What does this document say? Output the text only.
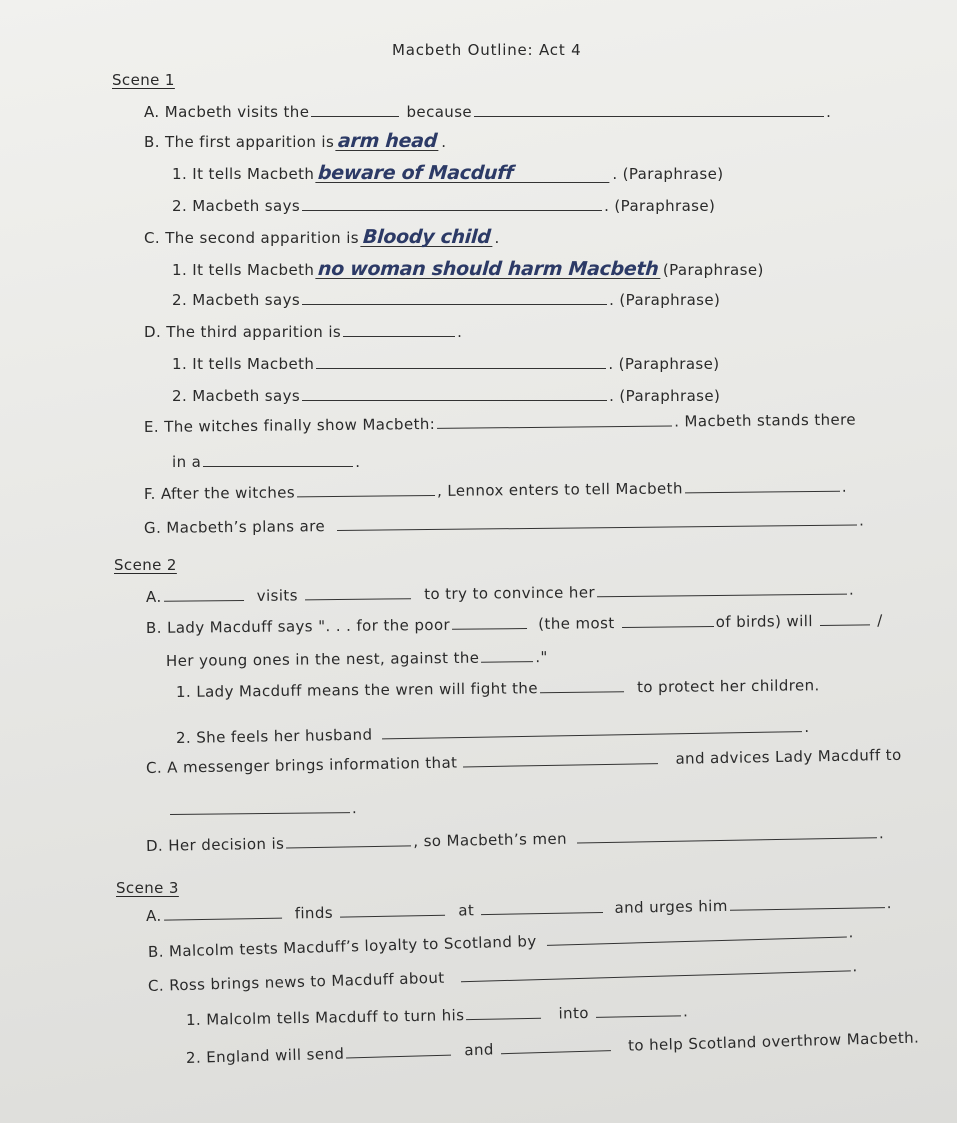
Macbeth Outline: Act 4
Scene 1
A. Macbeth visits the	because	.
B. The first apparition is arm head .
1. It tells Macbeth beware of Macduff	. (Paraphrase)
2. Macbeth says	. (Paraphrase)
C. The second apparition is Bloody child .
1. It tells Macbeth no woman should harm Macbeth (Paraphrase)
2. Macbeth says	. (Paraphrase)
D. The third apparition is	.
1. It tells Macbeth	. (Paraphrase)
2. Macbeth says	. (Paraphrase)
E. The witches finally show Macbeth:	. Macbeth stands there
in a	.
F. After the witches	, Lennox enters to tell Macbeth	.
G. Macbeth’s plans are	.
Scene 2
A.	visits	to try to convince her	.
B. Lady Macduff says ". . . for the poor	(the most	of birds) will	/
Her young ones in the nest, against the	."
1. Lady Macduff means the wren will fight the	to protect her children.
2. She feels her husband	.
C. A messenger brings information that	and advices Lady Macduff to
.
D. Her decision is	, so Macbeth’s men	.
Scene 3
A.	finds	at	and urges him	.
B. Malcolm tests Macduff’s loyalty to Scotland by	.
C. Ross brings news to Macduff about.
1. Malcolm tells Macduff to turn his	into	.
2. England will send	and	to help Scotland overthrow Macbeth.
